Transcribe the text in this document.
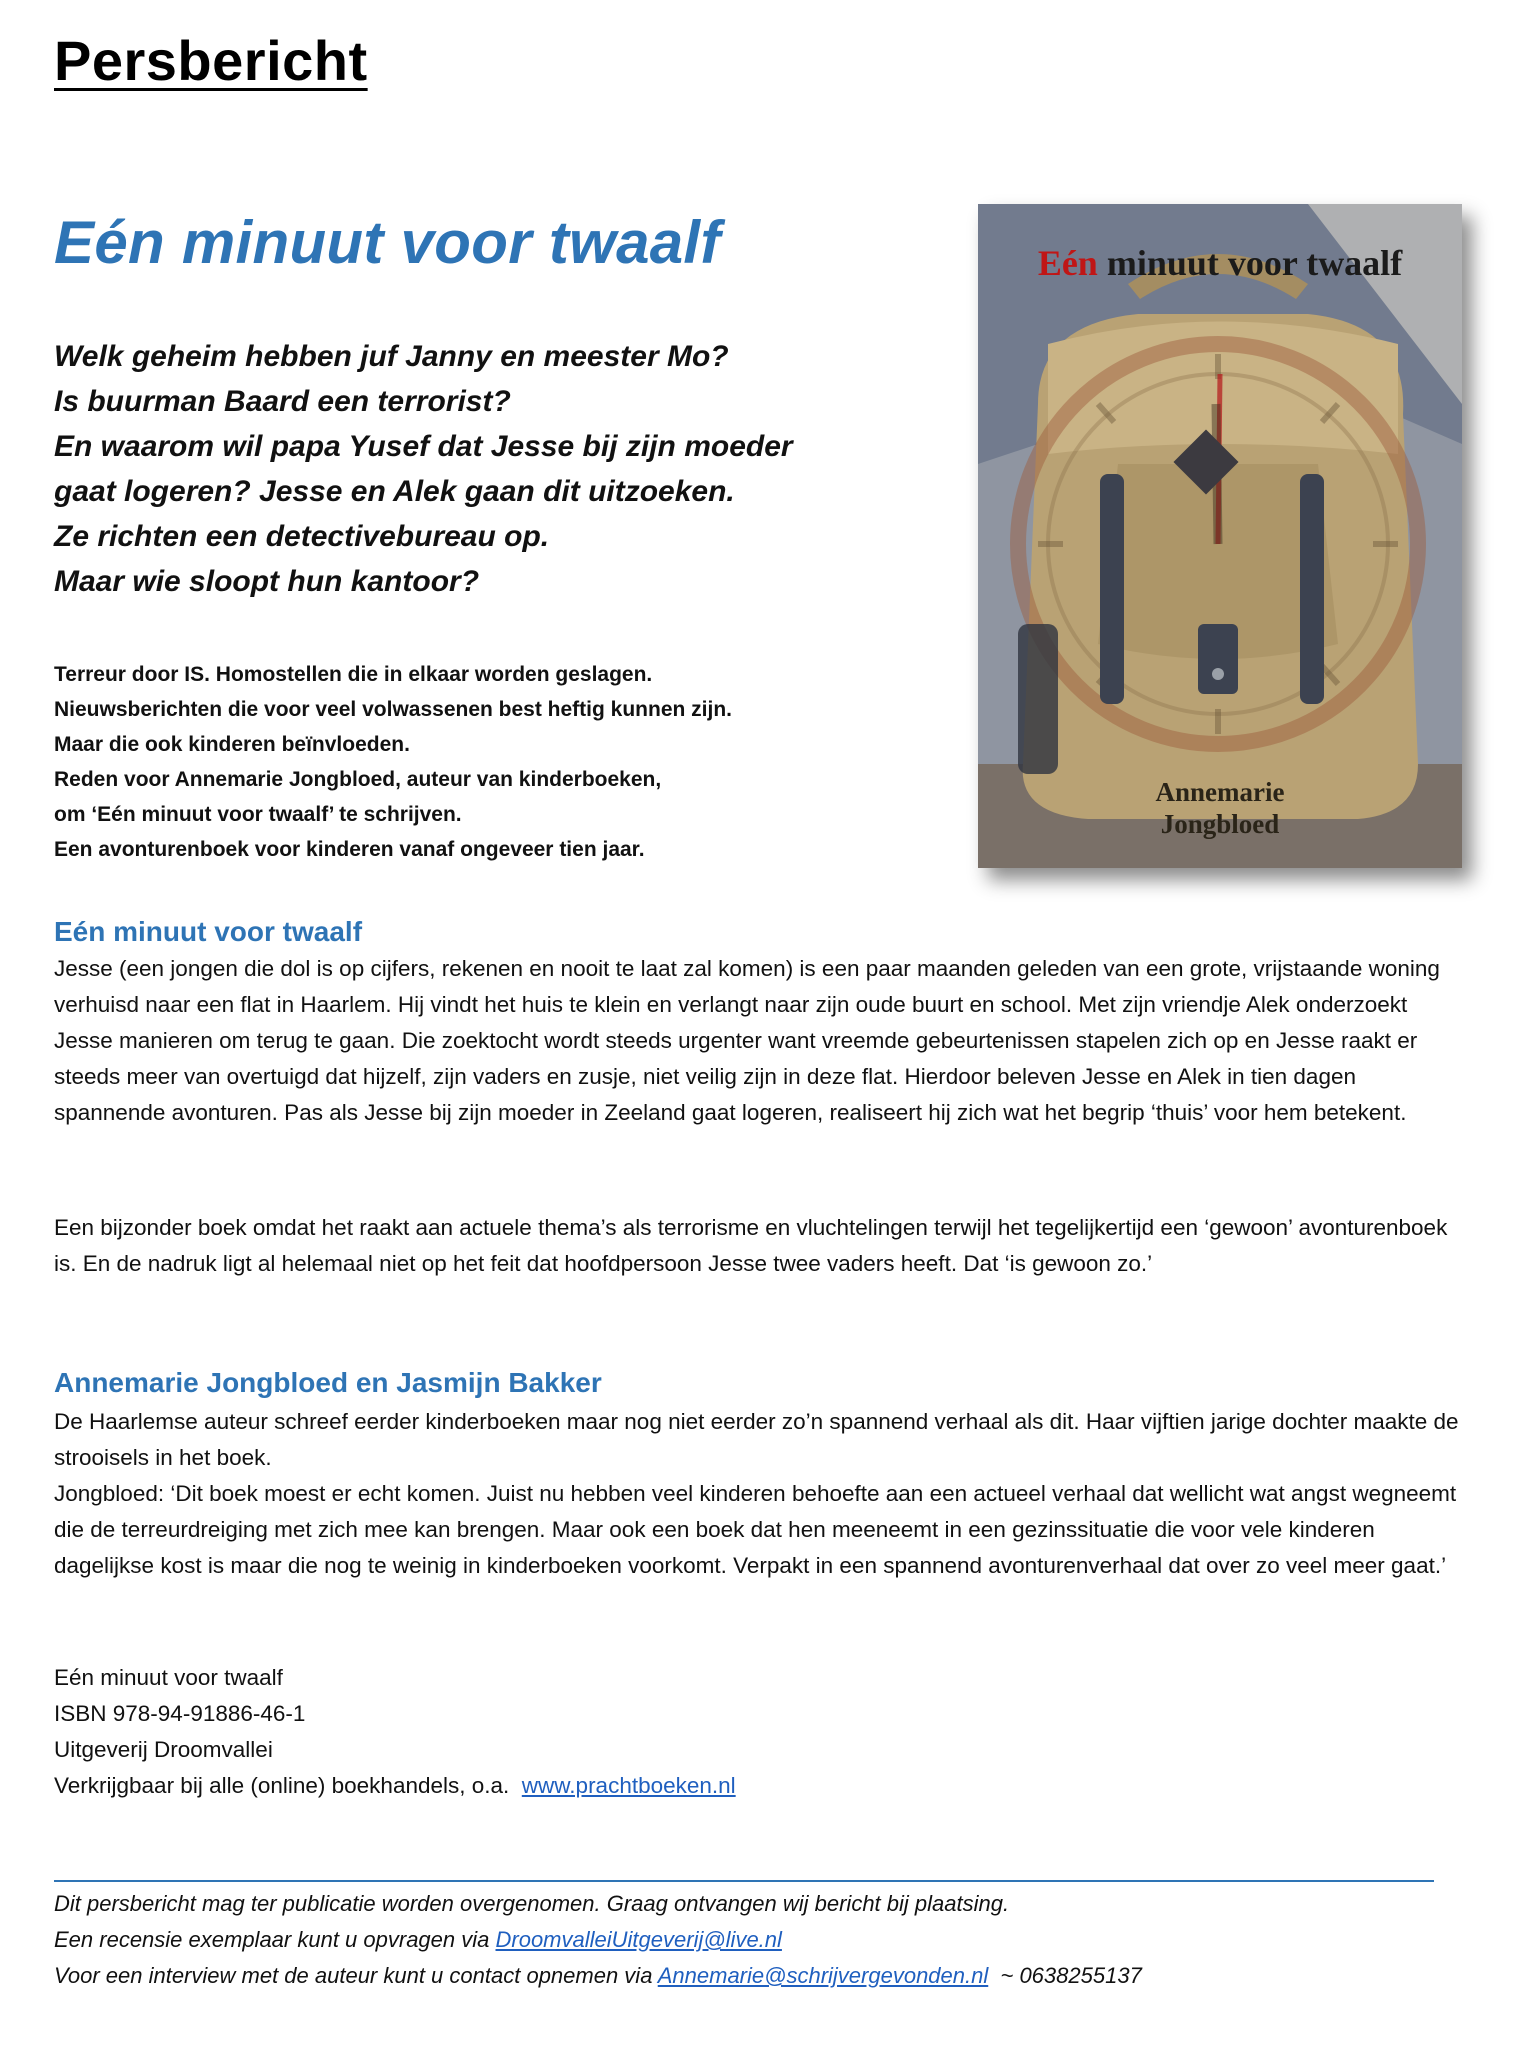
Persbericht
Eén minuut voor twaalf
Welk geheim hebben juf Janny en meester Mo?
Is buurman Baard een terrorist?
En waarom wil papa Yusef dat Jesse bij zijn moeder
gaat logeren? Jesse en Alek gaan dit uitzoeken.
Ze richten een detectivebureau op.
Maar wie sloopt hun kantoor?
Terreur door IS. Homostellen die in elkaar worden geslagen.
Nieuwsberichten die voor veel volwassenen best heftig kunnen zijn.
Maar die ook kinderen beïnvloeden.
Reden voor Annemarie Jongbloed, auteur van kinderboeken,
om ‘Eén minuut voor twaalf’ te schrijven.
Een avonturenboek voor kinderen vanaf ongeveer tien jaar.
Eén minuut voor twaalf
Annemarie
Jongbloed
Eén minuut voor twaalf
Jesse (een jongen die dol is op cijfers, rekenen en nooit te laat zal komen) is een paar maanden geleden van een grote, vrijstaande woning verhuisd naar een flat in Haarlem. Hij vindt het huis te klein en verlangt naar zijn oude buurt en school. Met zijn vriendje Alek onderzoekt Jesse manieren om terug te gaan. Die zoektocht wordt steeds urgenter want vreemde gebeurtenissen stapelen zich op en Jesse raakt er steeds meer van overtuigd dat hijzelf, zijn vaders en zusje, niet veilig zijn in deze flat. Hierdoor beleven Jesse en Alek in tien dagen spannende avonturen. Pas als Jesse bij zijn moeder in Zeeland gaat logeren, realiseert hij zich wat het begrip ‘thuis’ voor hem betekent.
Een bijzonder boek omdat het raakt aan actuele thema’s als terrorisme en vluchtelingen terwijl het tegelijkertijd een ‘gewoon’ avonturenboek is. En de nadruk ligt al helemaal niet op het feit dat hoofdpersoon Jesse twee vaders heeft. Dat ‘is gewoon zo.’
Annemarie Jongbloed en Jasmijn Bakker
De Haarlemse auteur schreef eerder kinderboeken maar nog niet eerder zo’n spannend verhaal als dit. Haar vijftien jarige dochter maakte de strooisels in het boek.
Jongbloed: ‘Dit boek moest er echt komen. Juist nu hebben veel kinderen behoefte aan een actueel verhaal dat wellicht wat angst wegneemt die de terreurdreiging met zich mee kan brengen. Maar ook een boek dat hen meeneemt in een gezinssituatie die voor vele kinderen dagelijkse kost is maar die nog te weinig in kinderboeken voorkomt. Verpakt in een spannend avonturenverhaal dat over zo veel meer gaat.’
Eén minuut voor twaalf
ISBN 978-94-91886-46-1
Uitgeverij Droomvallei
Verkrijgbaar bij alle (online) boekhandels, o.a. www.prachtboeken.nl
Dit persbericht mag ter publicatie worden overgenomen. Graag ontvangen wij bericht bij plaatsing.
Een recensie exemplaar kunt u opvragen via DroomvalleiUitgeverij@live.nl
Voor een interview met de auteur kunt u contact opnemen via Annemarie@schrijvergevonden.nl ~ 0638255137
